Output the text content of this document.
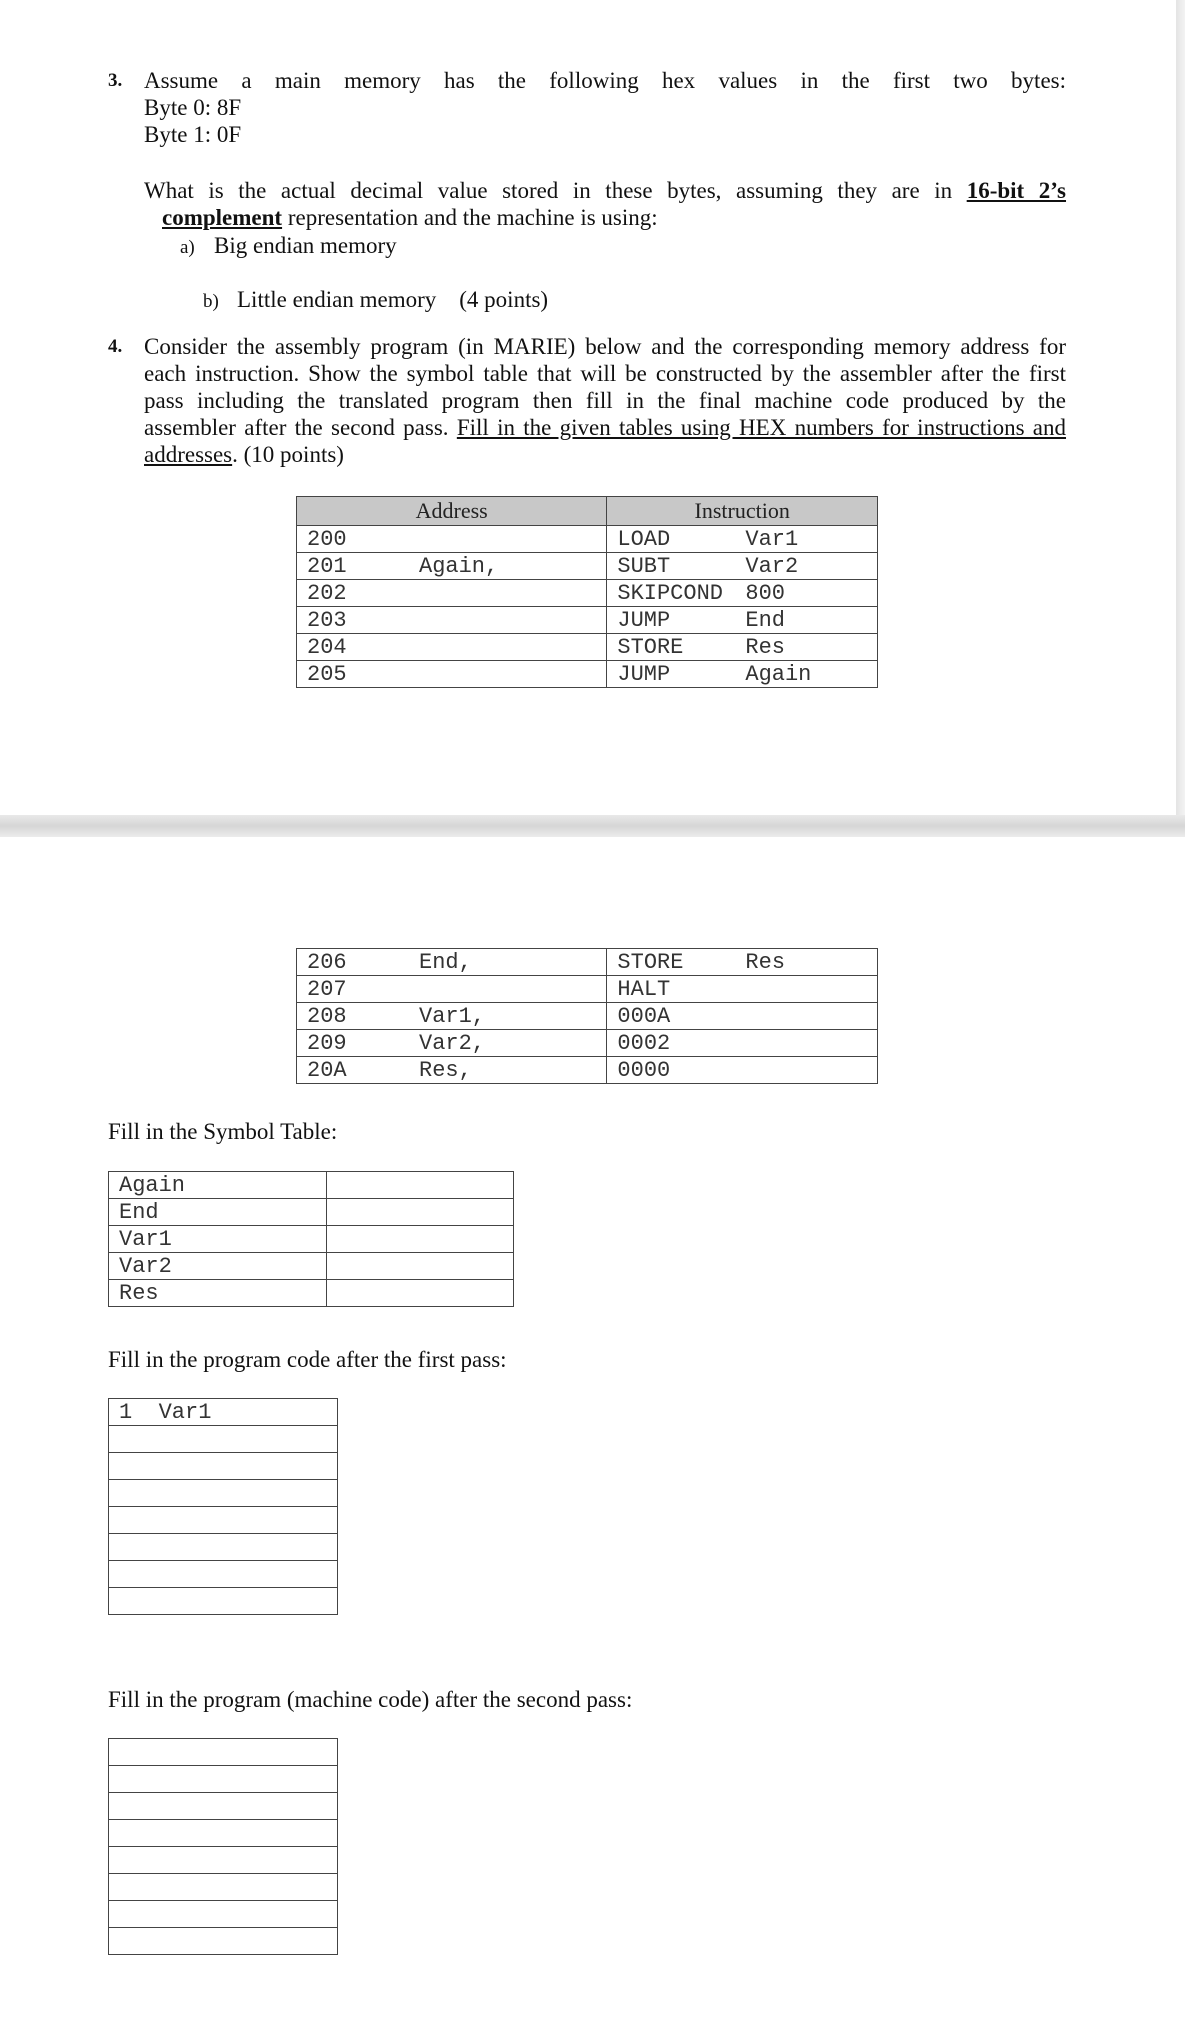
3. Assume a main memory has the following hex values in the first two bytes:
Byte 0: 8F
Byte 1: 0F
What is the actual decimal value stored in these bytes, assuming they are in 16-bit 2’s
complement representation and the machine is using:
a) Big endian memory

b) Little endian memory    (4 points)

4. Consider the assembly program (in MARIE) below and the corresponding memory address for
each instruction. Show the symbol table that will be constructed by the assembler after the first
pass including the translated program then fill in the final machine code produced by the
assembler after the second pass. Fill in the given tables using HEX numbers for instructions and
addresses. (10 points)
Address	Instruction
200	LOAD Var1
201 Again,	SUBT Var2
202	SKIPCOND 800
203	JUMP End
204	STORE Res
205	JUMP Again
206 End,	STORE Res
207	HALT
208 Var1,	000A
209 Var2,	0002
20A Res,	0000
Fill in the Symbol Table:
Again	
End	
Var1	
Var2	
Res	
Fill in the program code after the first pass:
1  Var1

Fill in the program (machine code) after the second pass:
